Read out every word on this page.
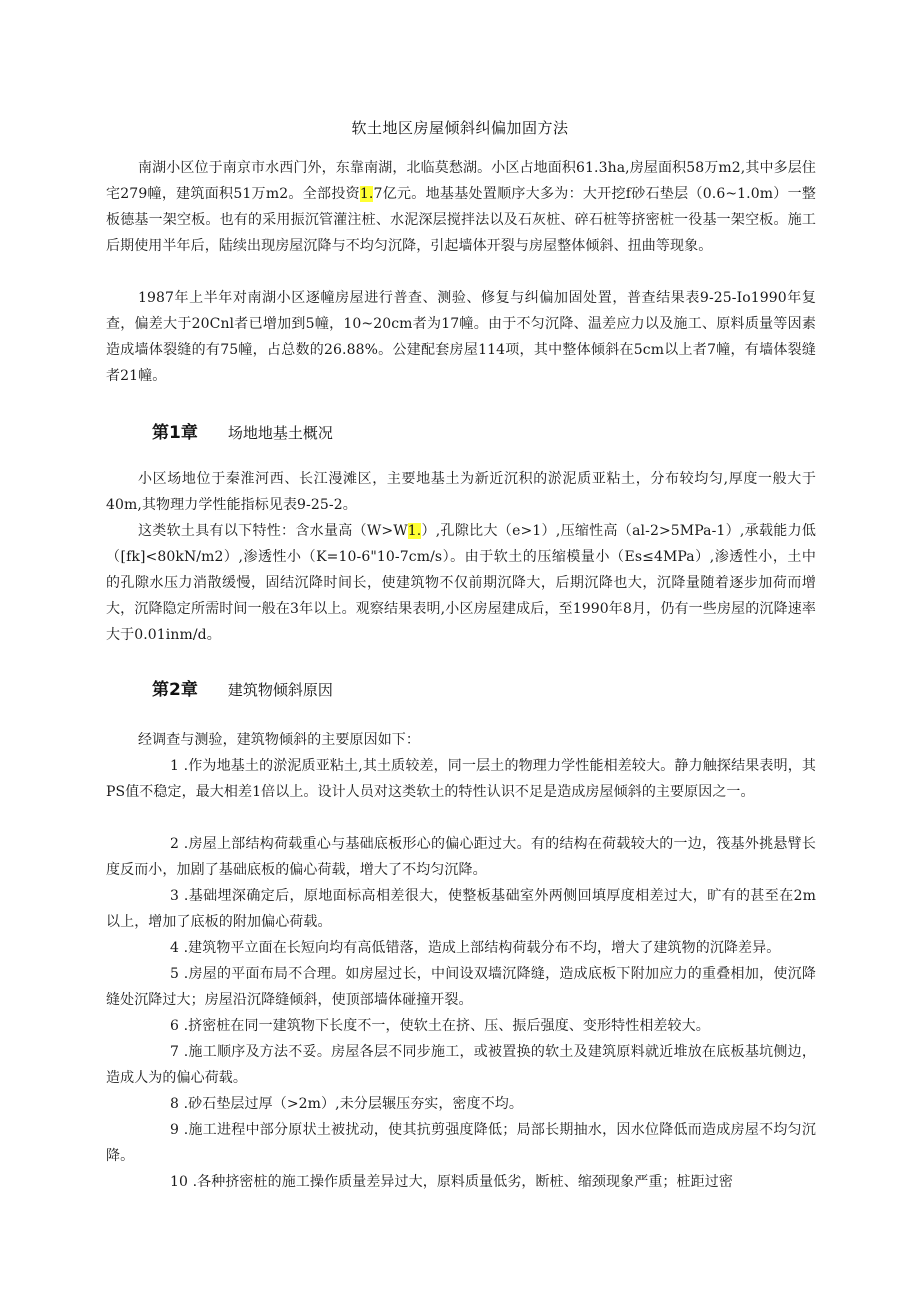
软土地区房屋倾斜纠偏加固方法
南湖小区位于南京市水西门外，东靠南湖，北临莫愁湖。小区占地面积61.3ha,房屋面积58万m2,其中多层住宅279幢，建筑面积51万m2。全部投资1.7亿元。地基基处置顺序大多为：大开挖f砂石垫层（0.6~1.0m）一整板德基一架空板。也有的采用振沉管灌注桩、水泥深层搅拌法以及石灰桩、碎石桩等挤密桩一役基一架空板。施工后期使用半年后，陆续出现房屋沉降与不均匀沉降，引起墙体开裂与房屋整体倾斜、扭曲等现象。
1987年上半年对南湖小区逐幢房屋进行普查、测验、修复与纠偏加固处置，普查结果表9-25-Io1990年复查，偏差大于20Cnl者已增加到5幢，10~20cm者为17幢。由于不匀沉降、温差应力以及施工、原料质量等因素造成墙体裂缝的有75幢，占总数的26.88%。公建配套房屋114项，其中整体倾斜在5cm以上者7幢，有墙体裂缝者21幢。
第1章 场地地基土概况
小区场地位于秦淮河西、长江漫滩区，主要地基土为新近沉积的淤泥质亚粘土，分布较均匀,厚度一般大于40m,其物理力学性能指标见表9-25-2。
这类软土具有以下特性：含水量高（W>W1.）,孔隙比大（e>1）,压缩性高（al-2>5MPa-1）,承载能力低（[fk]<80kN/m2）,渗透性小（K=10-6"10-7cm/s）。由于软土的压缩模量小（Es≤4MPa）,渗透性小，土中的孔隙水压力消散缓慢，固结沉降时间长，使建筑物不仅前期沉降大，后期沉降也大，沉降量随着逐步加荷而增大，沉降隐定所需时间一般在3年以上。观察结果表明,小区房屋建成后，至1990年8月，仍有一些房屋的沉降速率大于0.01inm/d。
第2章 建筑物倾斜原因
经调查与测验，建筑物倾斜的主要原因如下：
1 .作为地基土的淤泥质亚粘土,其土质较差，同一层土的物理力学性能相差较大。静力触探结果表明，其PS值不稳定，最大相差1倍以上。设计人员对这类软土的特性认识不足是造成房屋倾斜的主要原因之一。
2 .房屋上部结构荷载重心与基础底板形心的偏心距过大。有的结构在荷载较大的一边，筏基外挑悬臂长度反而小，加剧了基础底板的偏心荷载，增大了不均匀沉降。
3 .基础埋深确定后，原地面标高相差很大，使整板基础室外两侧回填厚度相差过大，旷有的甚至在2m以上，增加了底板的附加偏心荷载。
4 .建筑物平立面在长短向均有高低错落，造成上部结构荷载分布不均，增大了建筑物的沉降差异。
5 .房屋的平面布局不合理。如房屋过长，中间设双墙沉降缝，造成底板下附加应力的重叠相加，使沉降缝处沉降过大；房屋沿沉降缝倾斜，使顶部墙体碰撞开裂。
6 .挤密桩在同一建筑物下长度不一，使软土在挤、压、振后强度、变形特性相差较大。
7 .施工顺序及方法不妥。房屋各层不同步施工，或被置换的软土及建筑原料就近堆放在底板基坑侧边，造成人为的偏心荷载。
8 .砂石垫层过厚（>2m）,未分层辗压夯实，密度不均。
9 .施工进程中部分原状土被扰动，使其抗剪强度降低；局部长期抽水，因水位降低而造成房屋不均匀沉降。
10 .各种挤密桩的施工操作质量差异过大，原料质量低劣，断桩、缩颈现象严重；桩距过密
